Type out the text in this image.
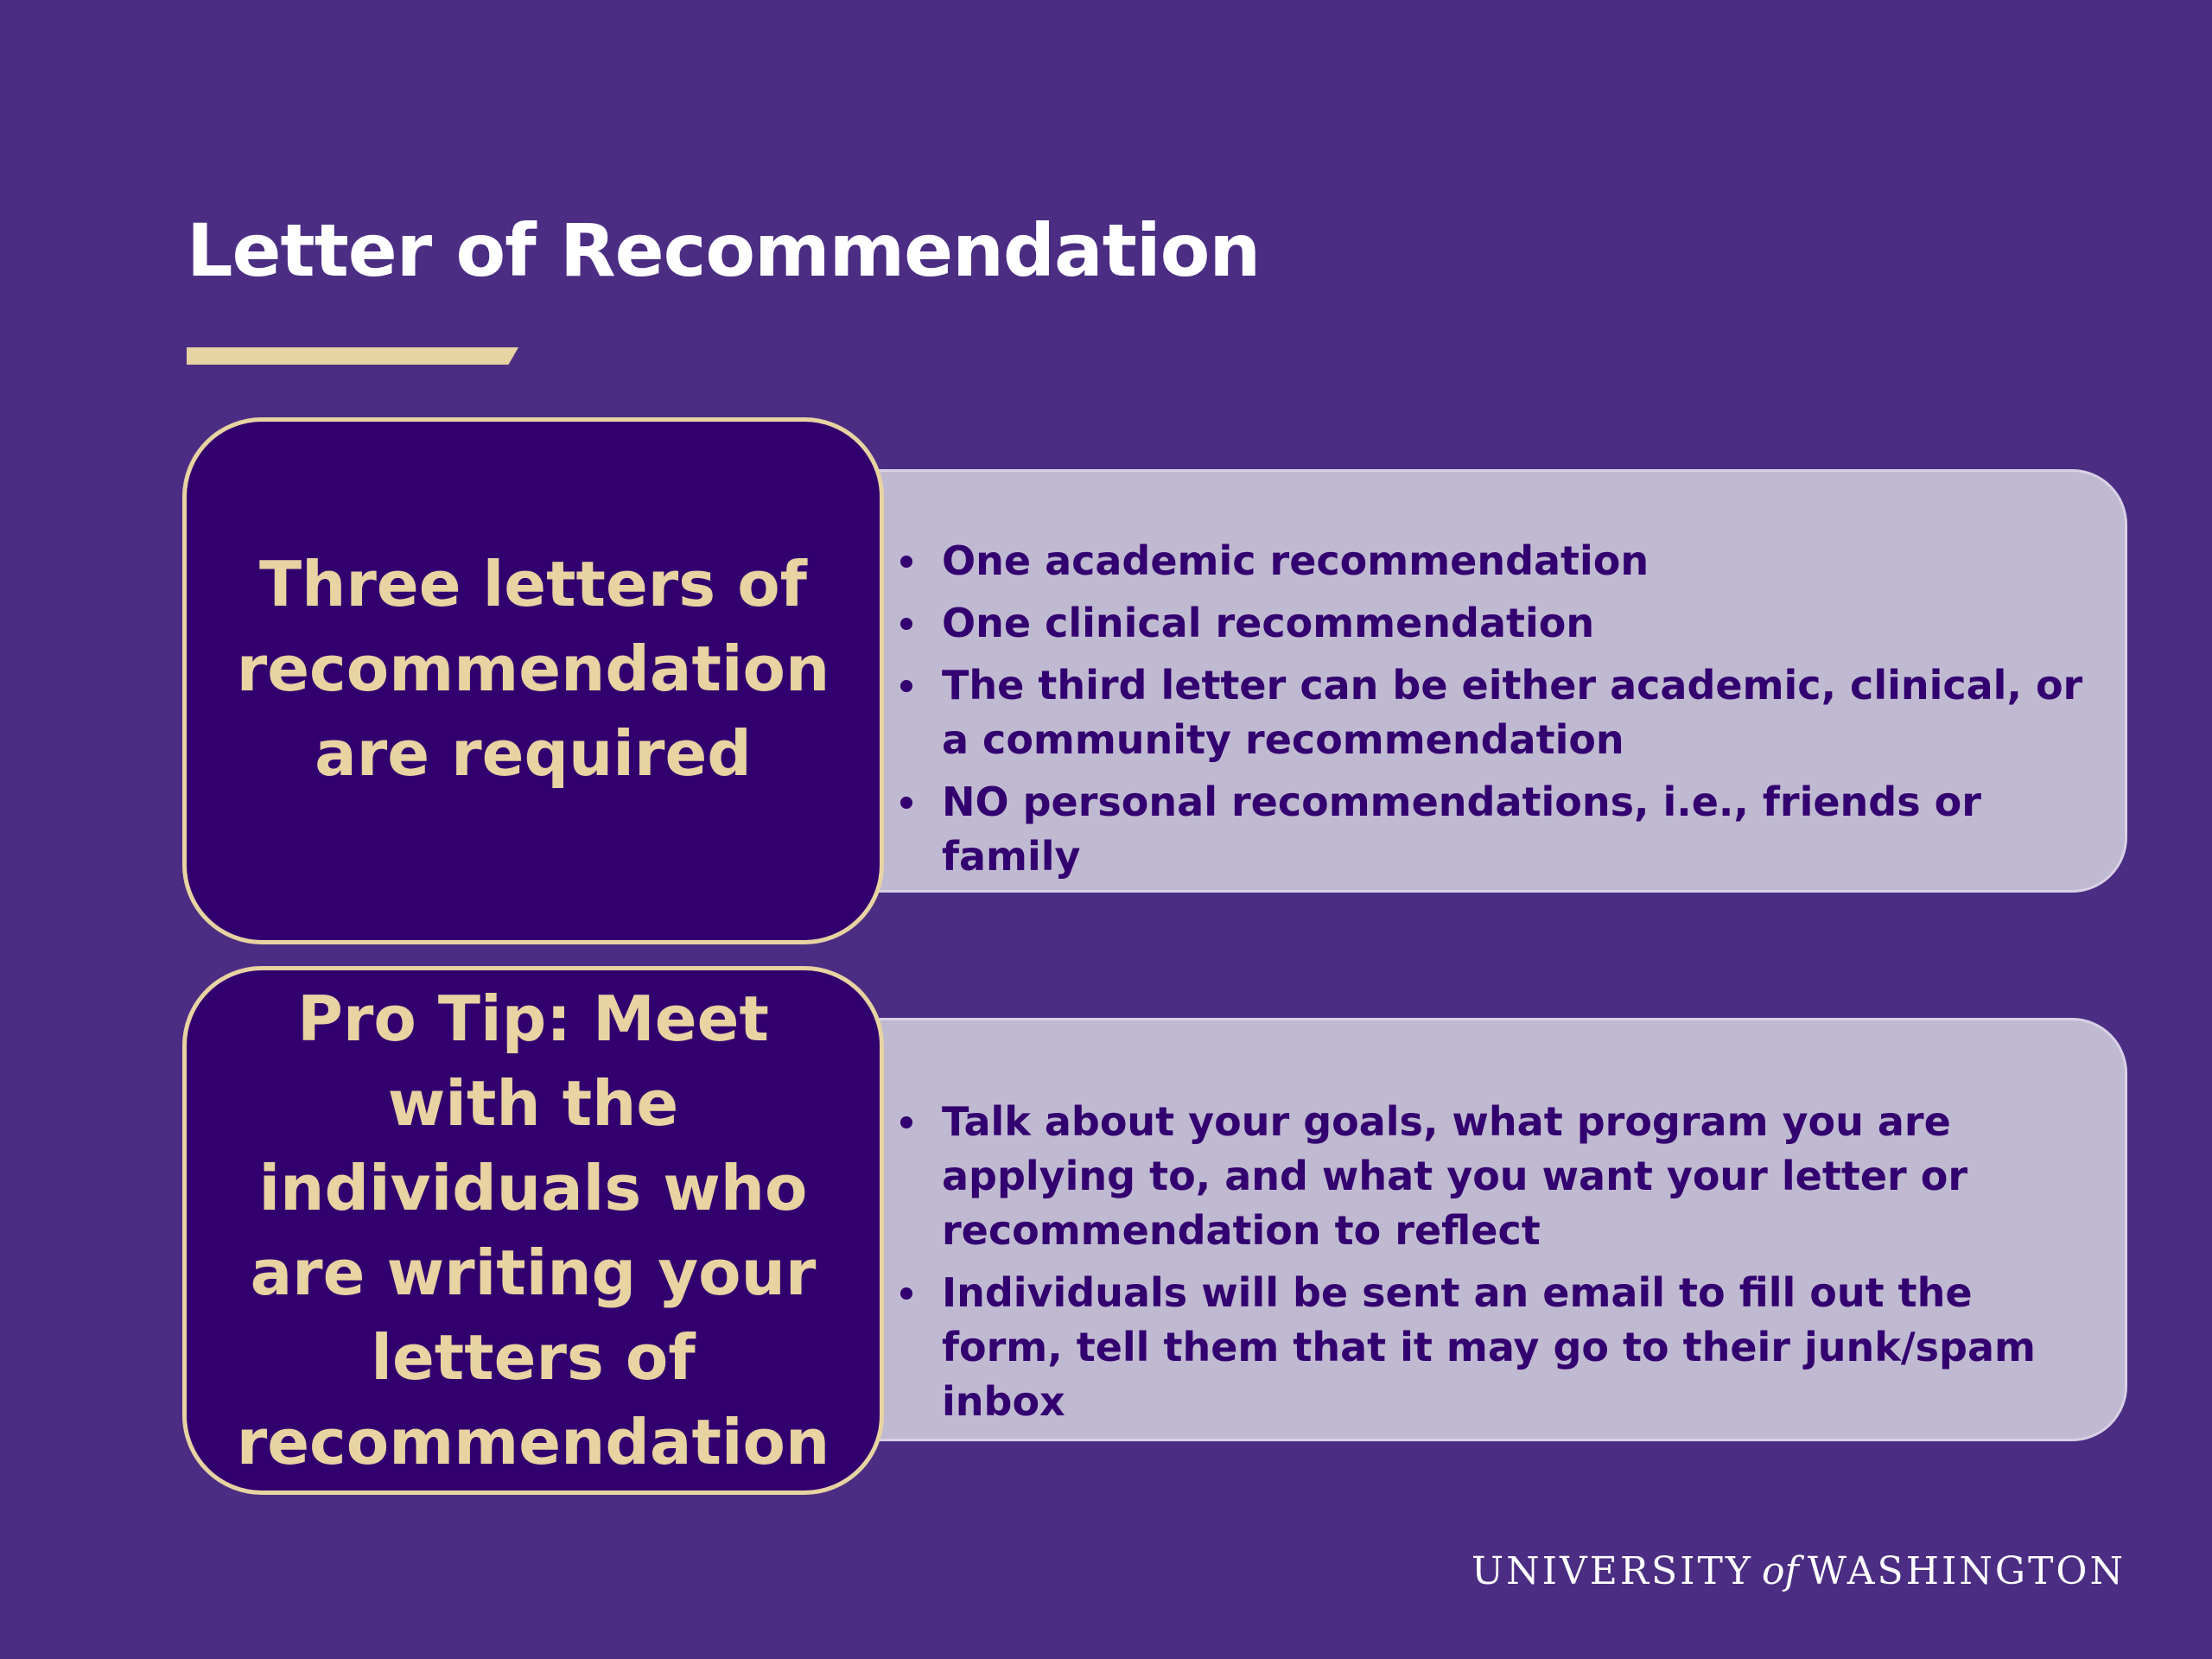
Letter of Recommendation
One academic recommendation
One clinical recommendation
The third letter can be either academic, clinical, or a community recommendation
NO personal recommendations, i.e., friends or family
Three letters of recommendation are required
Talk about your goals, what program you are applying to, and what you want your letter or recommendation to reflect
Individuals will be sent an email to fill out the form, tell them that it may go to their junk/spam inbox
Pro Tip: Meet with the individuals who are writing your letters of recommendation
UNIVERSITY of WASHINGTON
